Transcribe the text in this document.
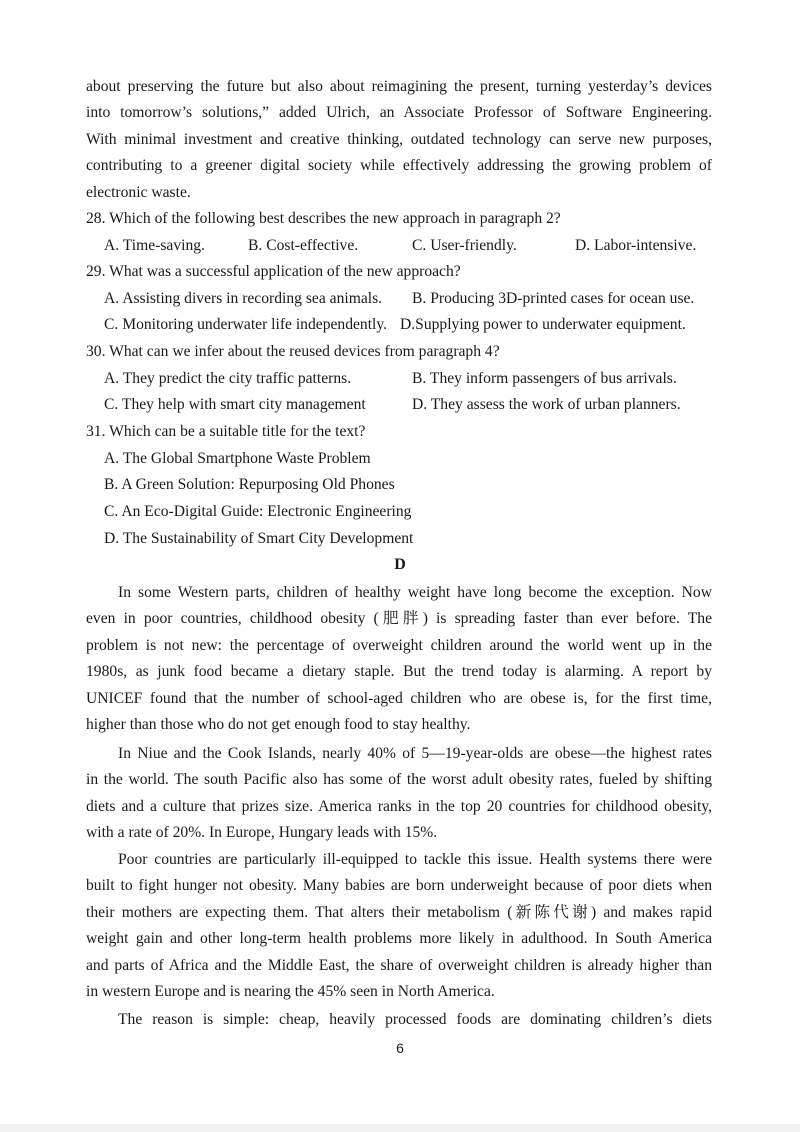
about preserving the future but also about reimagining the present, turning yesterday’s devices
into tomorrow’s solutions,” added Ulrich, an Associate Professor of Software Engineering.
With minimal investment and creative thinking, outdated technology can serve new purposes,
contributing to a greener digital society while effectively addressing the growing problem of
electronic waste.
28. Which of the following best describes the new approach in paragraph 2?
A. Time-saving.	B. Cost-effective.	C. User-friendly.	D. Labor-intensive.
29. What was a successful application of the new approach?
A. Assisting divers in recording sea animals. B. Producing 3D-printed cases for ocean use.
C. Monitoring underwater life independently. D.Supplying power to underwater equipment.
30. What can we infer about the reused devices from paragraph 4?
A. They predict the city traffic patterns.	B. They inform passengers of bus arrivals.
C. They help with smart city management	D. They assess the work of urban planners.
31. Which can be a suitable title for the text?
A. The Global Smartphone Waste Problem
B. A Green Solution: Repurposing Old Phones
C. An Eco-Digital Guide: Electronic Engineering
D. The Sustainability of Smart City Development
D
In some Western parts, children of healthy weight have long become the exception. Now
even in poor countries, childhood obesity (肥胖) is spreading faster than ever before. The
problem is not new: the percentage of overweight children around the world went up in the
1980s, as junk food became a dietary staple. But the trend today is alarming. A report by
UNICEF found that the number of school-aged children who are obese is, for the first time,
higher than those who do not get enough food to stay healthy.
In Niue and the Cook Islands, nearly 40% of 5—19-year-olds are obese—the highest rates
in the world. The south Pacific also has some of the worst adult obesity rates, fueled by shifting
diets and a culture that prizes size. America ranks in the top 20 countries for childhood obesity,
with a rate of 20%. In Europe, Hungary leads with 15%.
Poor countries are particularly ill-equipped to tackle this issue. Health systems there were
built to fight hunger not obesity. Many babies are born underweight because of poor diets when
their mothers are expecting them. That alters their metabolism (新陈代谢) and makes rapid
weight gain and other long-term health problems more likely in adulthood. In South America
and parts of Africa and the Middle East, the share of overweight children is already higher than
in western Europe and is nearing the 45% seen in North America.
The reason is simple: cheap, heavily processed foods are dominating children’s diets
6
